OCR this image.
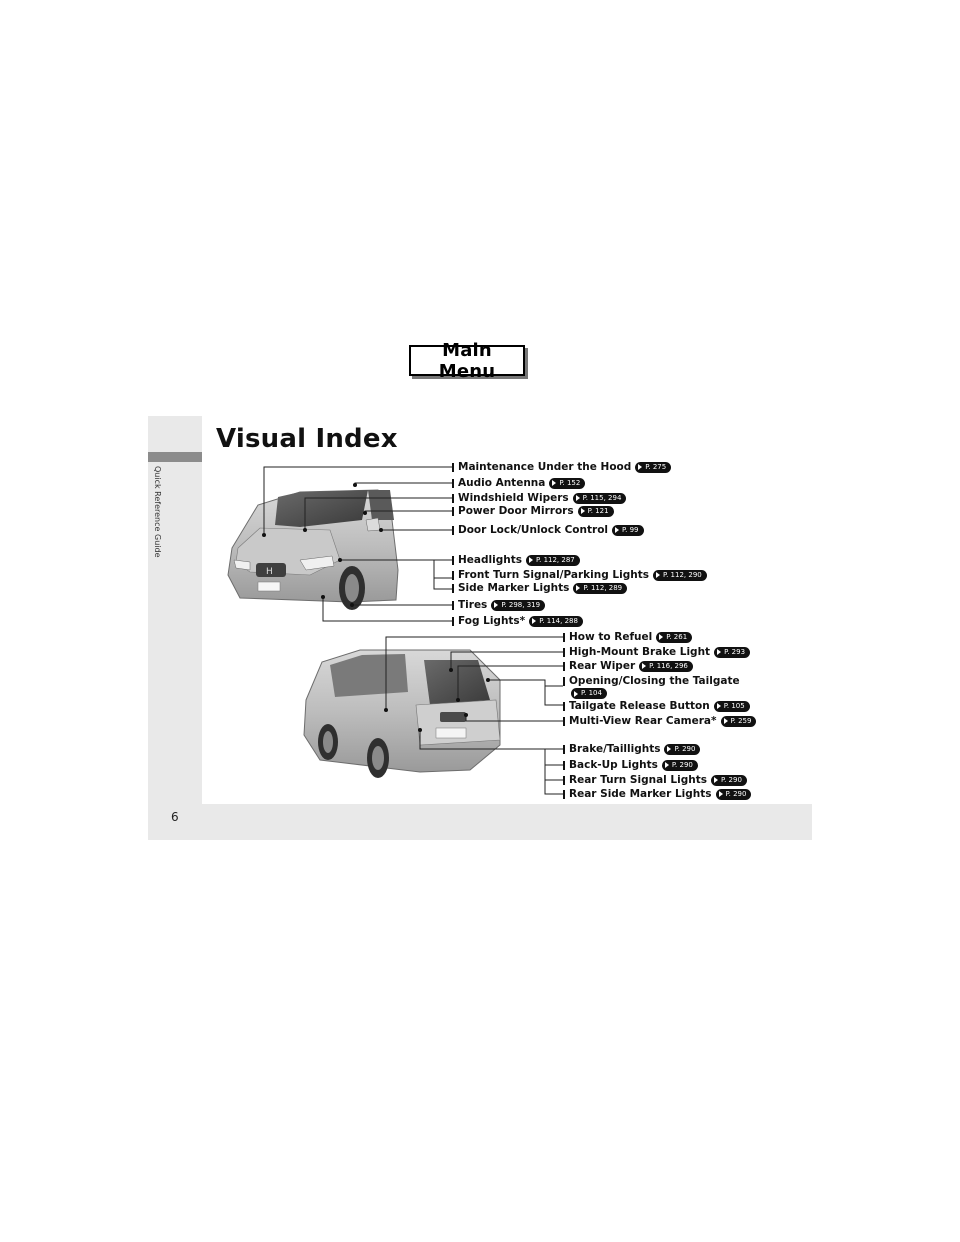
Main Menu
Quick Reference Guide
6
Visual Index
H
Maintenance Under the Hood P. 275
Audio Antenna P. 152
Windshield Wipers P. 115, 294
Power Door Mirrors P. 121
Door Lock/Unlock Control P. 99
Headlights P. 112, 287
Front Turn Signal/Parking Lights P. 112, 290
Side Marker Lights P. 112, 289
Tires P. 298, 319
Fog Lights* P. 114, 288
How to Refuel P. 261
High-Mount Brake Light P. 293
Rear Wiper P. 116, 296
Opening/Closing the Tailgate
P. 104
Tailgate Release Button P. 105
Multi-View Rear Camera* P. 259
Brake/Taillights P. 290
Back-Up Lights P. 290
Rear Turn Signal Lights P. 290
Rear Side Marker Lights P. 290
